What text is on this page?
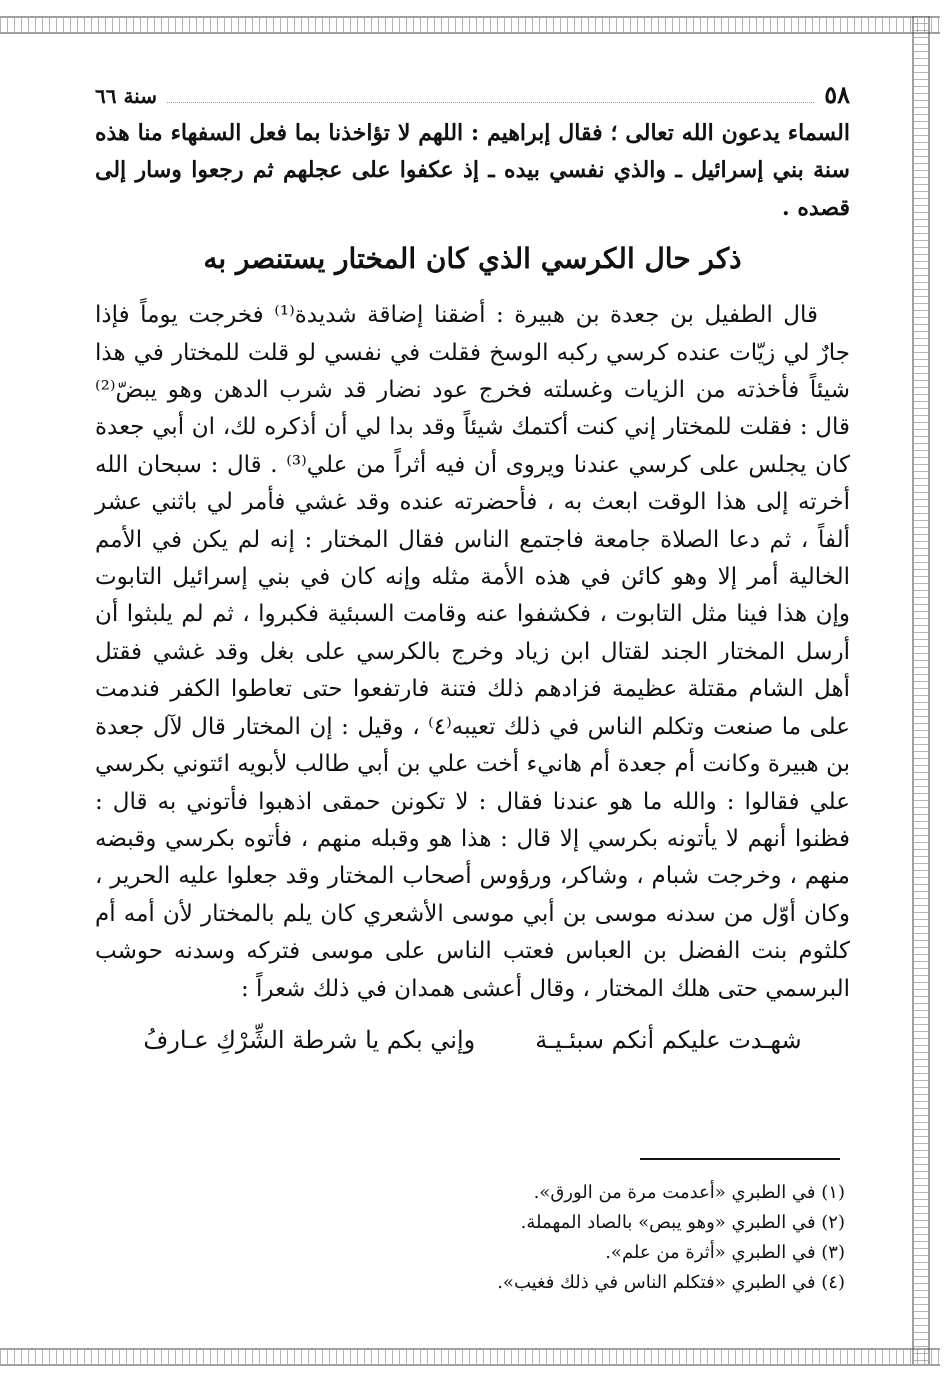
٥٨
سنة ٦٦

السماء يدعون الله تعالى ؛ فقال إبراهيم : اللهم لا تؤاخذنا بما فعل السفهاء منا هذه سنة بني إسرائيل ـ والذي نفسي بيده ـ إذ عكفوا على عجلهم ثم رجعوا وسار إلى قصده .

ذكر حال الكرسي الذي كان المختار يستنصر به

قال الطفيل بن جعدة بن هبيرة : أضقنا إضاقة شديدة⁽¹⁾ فخرجت يوماً فإذا جارٌ لي زيّات عنده كرسي ركبه الوسخ فقلت في نفسي لو قلت للمختار في هذا شيئاً فأخذته من الزيات وغسلته فخرج عود نضار قد شرب الدهن وهو يبضّ⁽²⁾ قال : فقلت للمختار إني كنت أكتمك شيئاً وقد بدا لي أن أذكره لك، ان أبي جعدة كان يجلس على كرسي عندنا ويروى أن فيه أثراً من علي⁽³⁾ . قال : سبحان الله أخرته إلى هذا الوقت ابعث به ، فأحضرته عنده وقد غشي فأمر لي باثني عشر ألفاً ، ثم دعا الصلاة جامعة فاجتمع الناس فقال المختار : إنه لم يكن في الأمم الخالية أمر إلا وهو كائن في هذه الأمة مثله وإنه كان في بني إسرائيل التابوت وإن هذا فينا مثل التابوت ، فكشفوا عنه وقامت السبئية فكبروا ، ثم لم يلبثوا أن أرسل المختار الجند لقتال ابن زياد وخرج بالكرسي على بغل وقد غشي فقتل أهل الشام مقتلة عظيمة فزادهم ذلك فتنة فارتفعوا حتى تعاطوا الكفر فندمت على ما صنعت وتكلم الناس في ذلك تعيبه⁽٤⁾ ، وقيل : إن المختار قال لآل جعدة بن هبيرة وكانت أم جعدة أم هانيء أخت علي بن أبي طالب لأبويه ائتوني بكرسي علي فقالوا : والله ما هو عندنا فقال : لا تكونن حمقى اذهبوا فأتوني به قال : فظنوا أنهم لا يأتونه بكرسي إلا قال : هذا هو وقبله منهم ، فأتوه بكرسي وقبضه منهم ، وخرجت شبام ، وشاكر، ورؤوس أصحاب المختار وقد جعلوا عليه الحرير ، وكان أوّل من سدنه موسى بن أبي موسى الأشعري كان يلم بالمختار لأن أمه أم كلثوم بنت الفضل بن العباس فعتب الناس على موسى فتركه وسدنه حوشب البرسمي حتى هلك المختار ، وقال أعشى همدان في ذلك شعراً :

شهـدت عليكم أنكم سبئـيـة
وإني بكم يا شرطة الشِّرْكِ عـارفُ
(١) في الطبري «أعدمت مرة من الورق».
(٢) في الطبري «وهو يبص» بالصاد المهملة.
(٣) في الطبري «أثرة من علم».
(٤) في الطبري «فتكلم الناس في ذلك فغيب».
